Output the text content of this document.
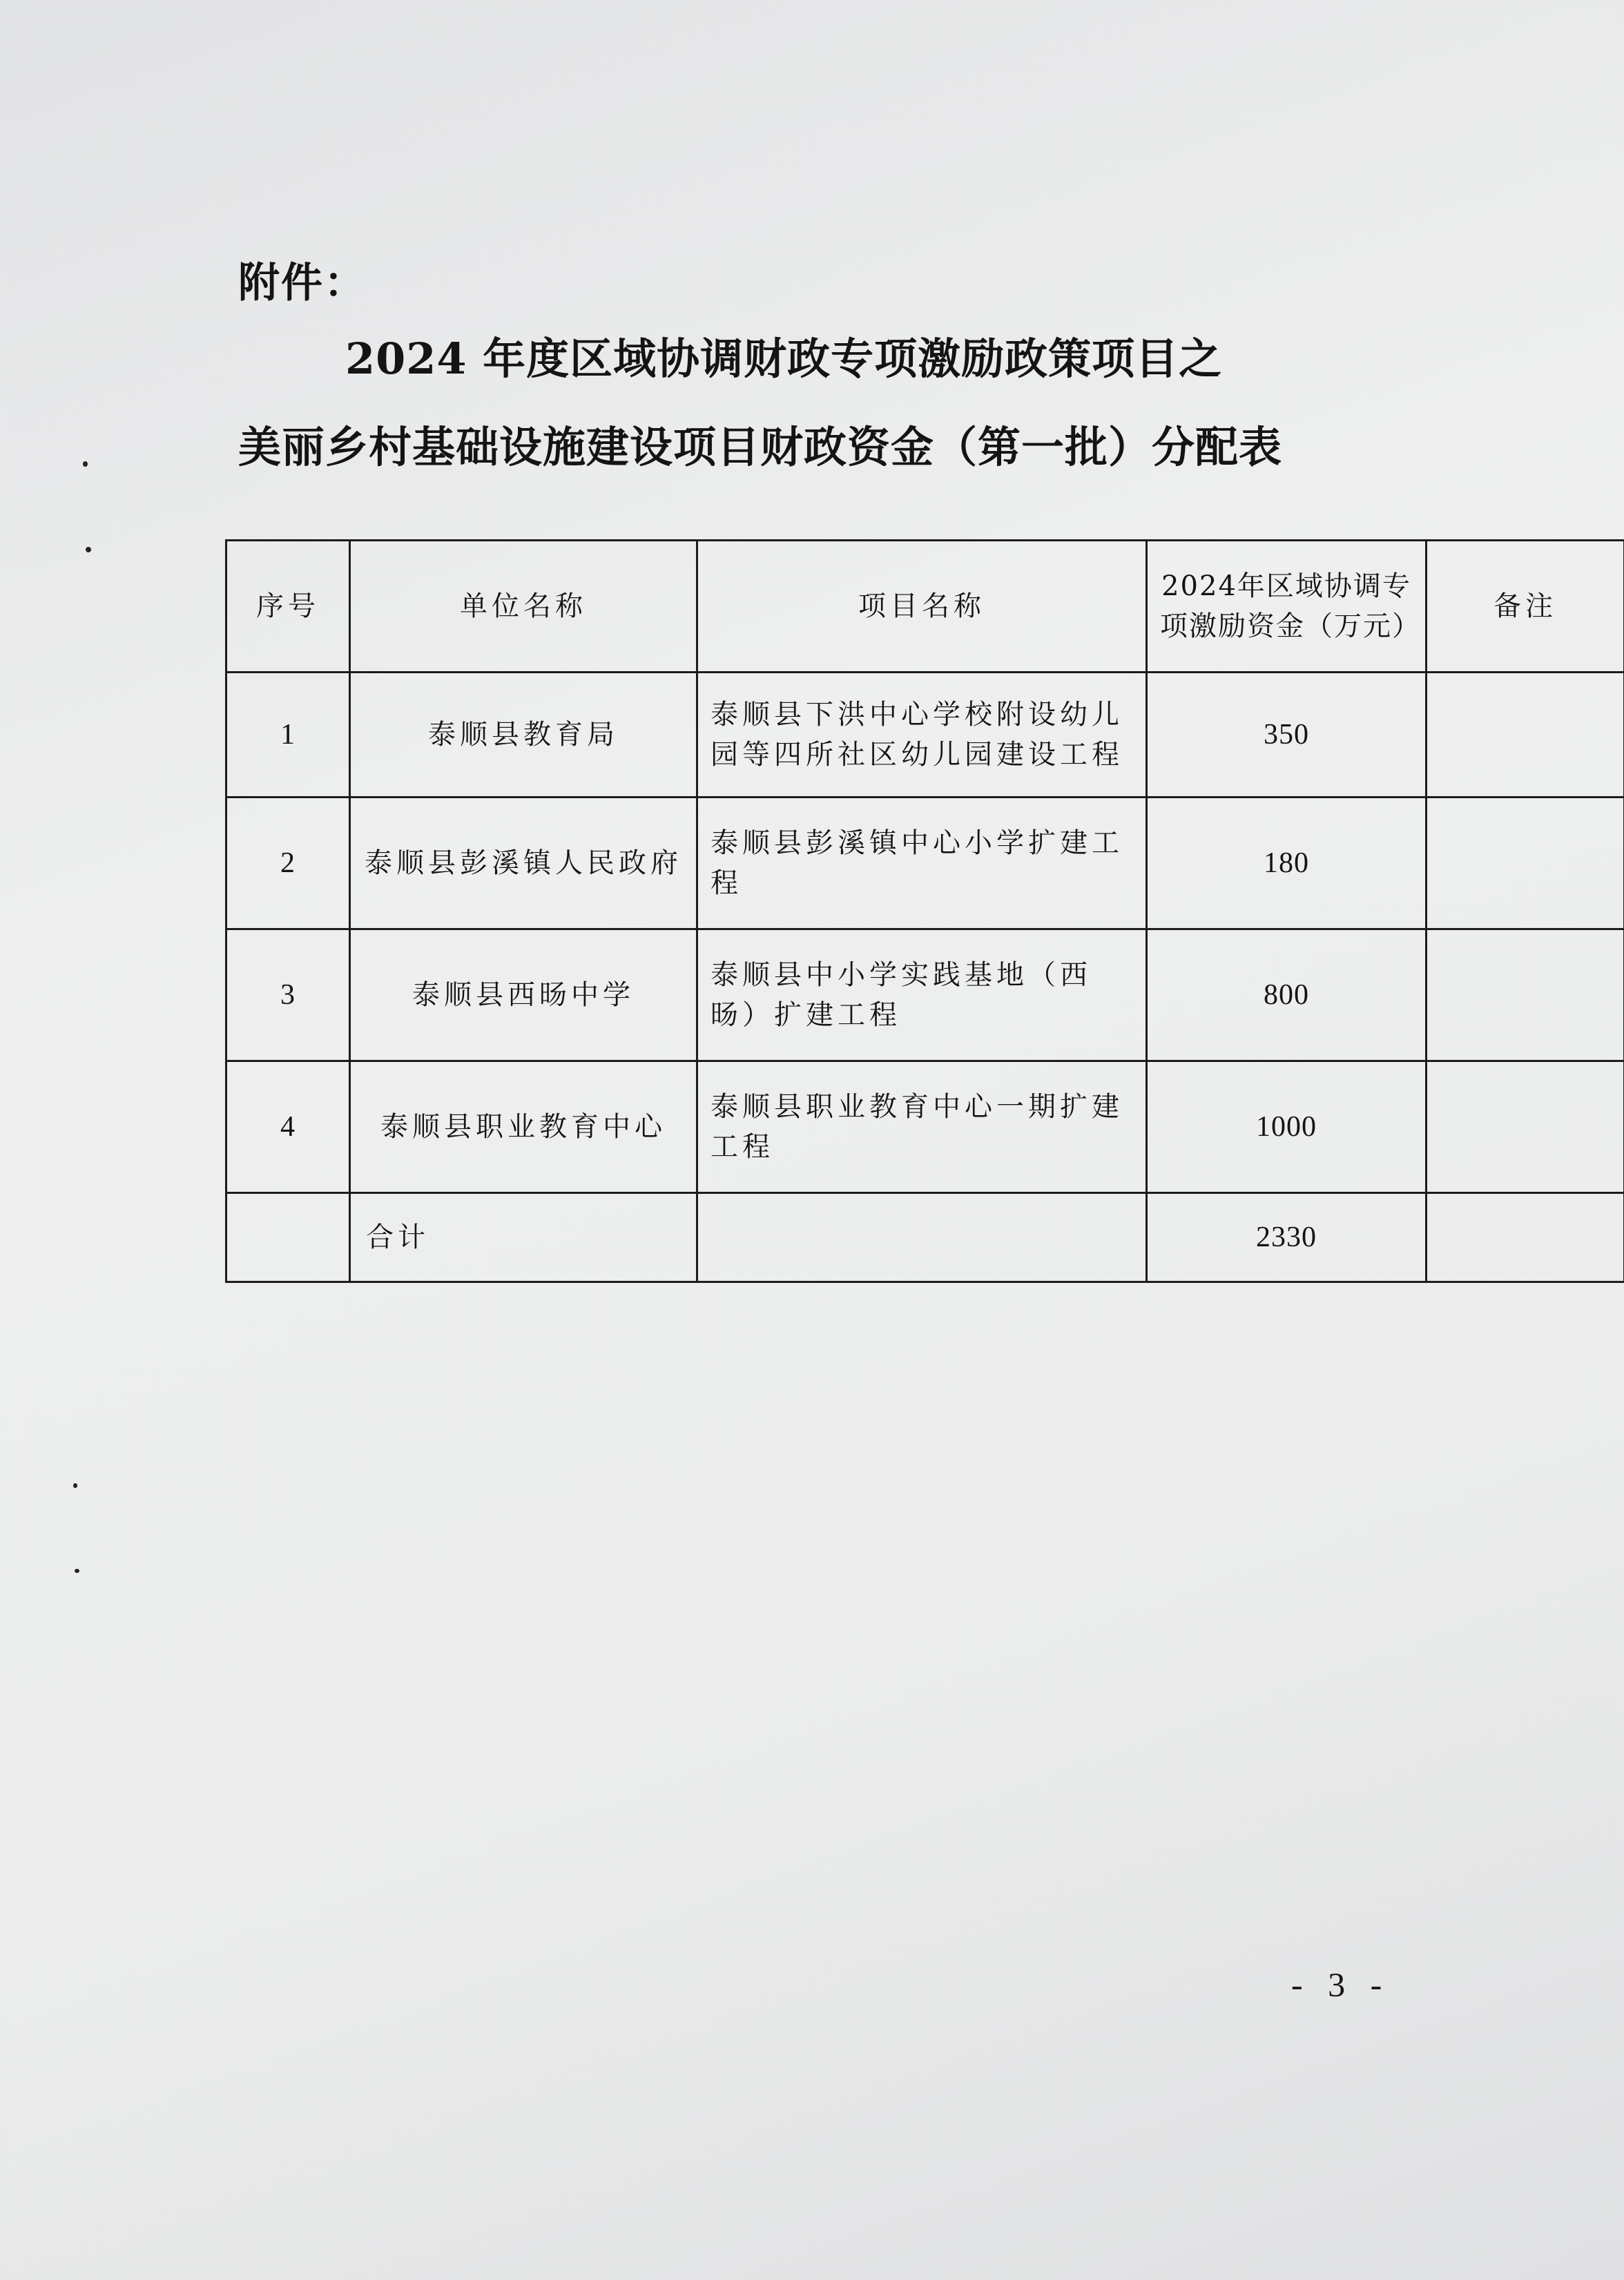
附件：
2024 年度区域协调财政专项激励政策项目之
美丽乡村基础设施建设项目财政资金（第一批）分配表
序号	单位名称	项目名称	2024年区域协调专项激励资金（万元）	备注
1	泰顺县教育局	泰顺县下洪中心学校附设幼儿园等四所社区幼儿园建设工程	350	
2	泰顺县彭溪镇人民政府	泰顺县彭溪镇中心小学扩建工程	180	
3	泰顺县西旸中学	泰顺县中小学实践基地（西旸）扩建工程	800	
4	泰顺县职业教育中心	泰顺县职业教育中心一期扩建工程	1000	
	合计		2330	
- 3 -
